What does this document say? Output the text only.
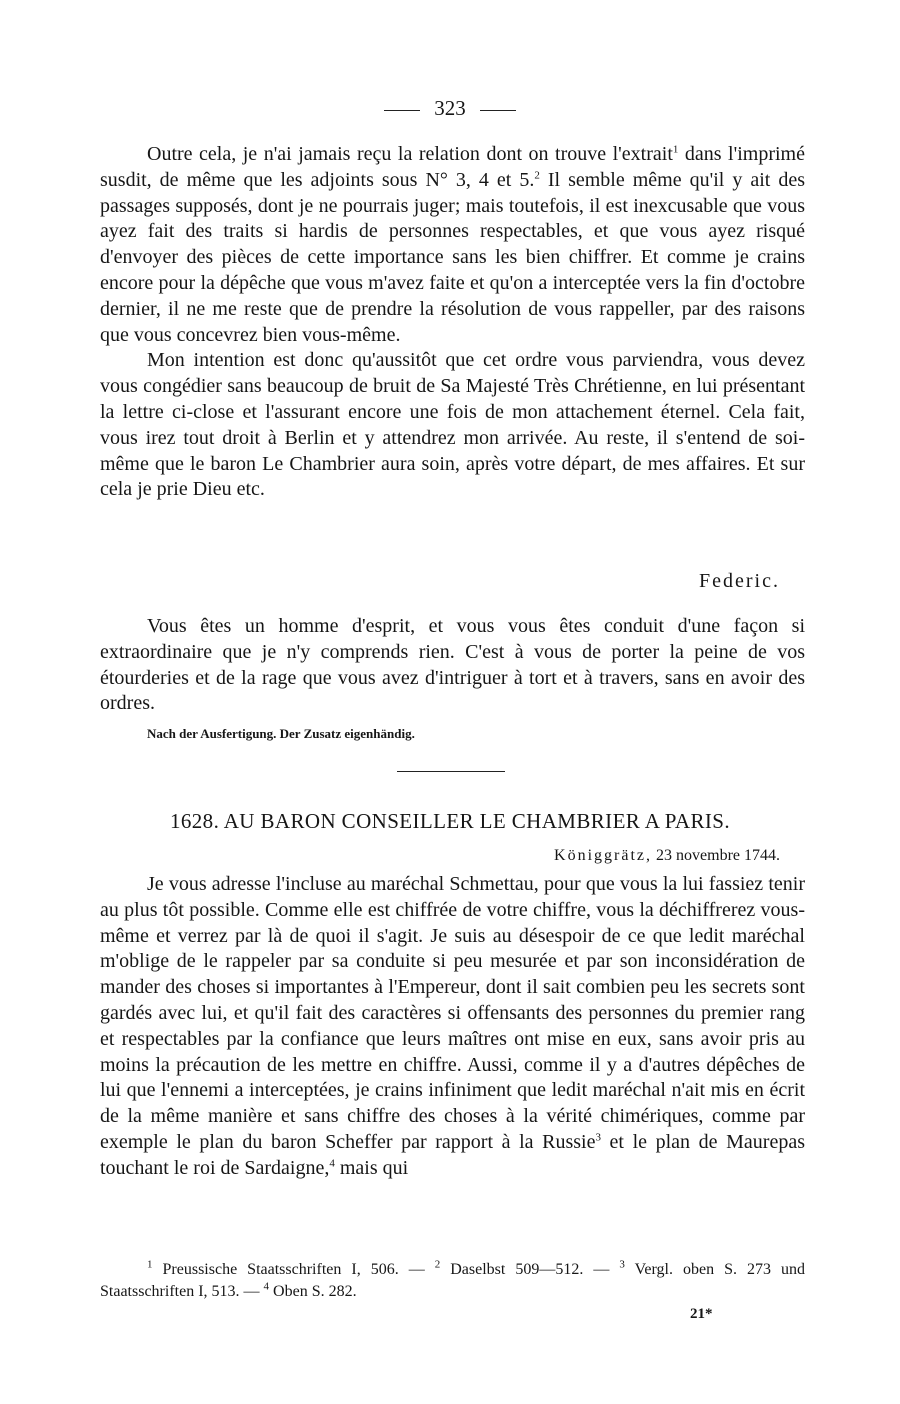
323

Outre cela, je n'ai jamais reçu la relation dont on trouve l'extrait$^1$ dans l'imprimé susdit, de même que les adjoints sous N° 3, 4 et 5.$^2$ Il semble même qu'il y ait des passages supposés, dont je ne pourrais juger; mais toutefois, il est inexcusable que vous ayez fait des traits si hardis de personnes respectables, et que vous ayez risqué d'envoyer des pièces de cette importance sans les bien chiffrer. Et comme je crains encore pour la dépêche que vous m'avez faite et qu'on a interceptée vers la fin d'octobre dernier, il ne me reste que de prendre la résolution de vous rappeller, par des raisons que vous concevrez bien vous-même.

Mon intention est donc qu'aussitôt que cet ordre vous parviendra, vous devez vous congédier sans beaucoup de bruit de Sa Majesté Très Chrétienne, en lui présentant la lettre ci-close et l'assurant encore une fois de mon attachement éternel. Cela fait, vous irez tout droit à Berlin et y attendrez mon arrivée. Au reste, il s'entend de soi-même que le baron Le Chambrier aura soin, après votre départ, de mes affaires. Et sur cela je prie Dieu etc.

Federic.

Vous êtes un homme d'esprit, et vous vous êtes conduit d'une façon si extraordinaire que je n'y comprends rien. C'est à vous de porter la peine de vos étourderies et de la rage que vous avez d'intriguer à tort et à travers, sans en avoir des ordres.

Nach der Ausfertigung. Der Zusatz eigenhändig.
1628. AU BARON CONSEILLER LE CHAMBRIER A PARIS.
Königgrätz, 23 novembre 1744.

Je vous adresse l'incluse au maréchal Schmettau, pour que vous la lui fassiez tenir au plus tôt possible. Comme elle est chiffrée de votre chiffre, vous la déchiffrerez vous-même et verrez par là de quoi il s'agit. Je suis au désespoir de ce que ledit maréchal m'oblige de le rappeler par sa conduite si peu mesurée et par son inconsidération de mander des choses si importantes à l'Empereur, dont il sait combien peu les secrets sont gardés avec lui, et qu'il fait des caractères si offensants des personnes du premier rang et respectables par la confiance que leurs maîtres ont mise en eux, sans avoir pris au moins la précaution de les mettre en chiffre. Aussi, comme il y a d'autres dépêches de lui que l'ennemi a interceptées, je crains infiniment que ledit maréchal n'ait mis en écrit de la même manière et sans chiffre des choses à la vérité chimériques, comme par exemple le plan du baron Scheffer par rapport à la Russie$^3$ et le plan de Maurepas touchant le roi de Sardaigne,$^4$ mais qui

$^1$ Preussische Staatsschriften I, 506. — $^2$ Daselbst 509—512. — $^3$ Vergl. oben S. 273 und Staatsschriften I, 513. — $^4$ Oben S. 282.

21*
